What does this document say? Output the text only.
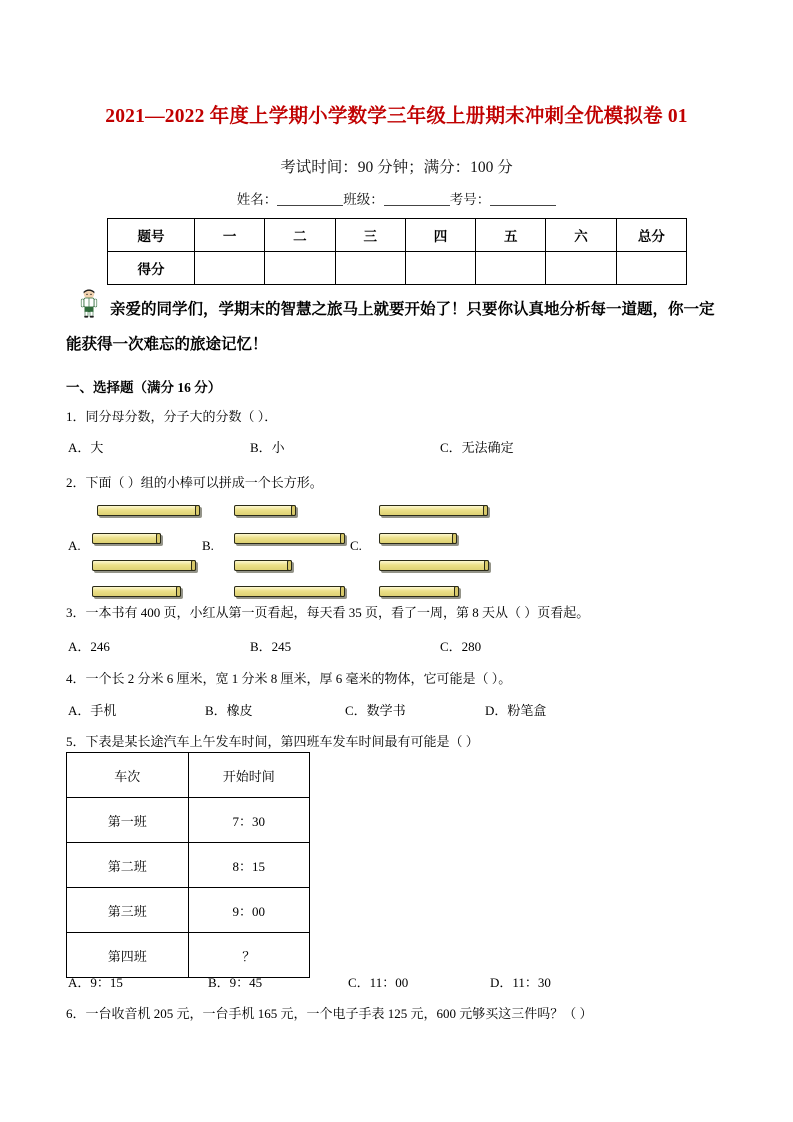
2021—2022 年度上学期小学数学三年级上册期末冲刺全优模拟卷 01
考试时间：90 分钟；满分：100 分
姓名：	班级：	考号：
题号	一	二	三	四	五	六	总分
得分							
亲爱的同学们，学期末的智慧之旅马上就要开始了！只要你认真地分析每一道题，你一定能获得一次难忘的旅途记忆！
一、选择题（满分 16 分）
1．同分母分数，分子大的分数（ ）．
A．大	B．小	C．无法确定
2．下面（ ）组的小棒可以拼成一个长方形。
A.	B.	C.
3．一本书有 400 页，小红从第一页看起，每天看 35 页，看了一周，第 8 天从（ ）页看起。
A．246	B．245	C．280
4．一个长 2 分米 6 厘米，宽 1 分米 8 厘米，厚 6 毫米的物体，它可能是（ ）。
A．手机	B．橡皮	C．数学书	D．粉笔盒
5．下表是某长途汽车上午发车时间，第四班车发车时间最有可能是（ ）
车次	开始时间
第一班	7：30
第二班	8：15
第三班	9：00
第四班	？
A．9：15	B．9：45	C．11：00	D．11：30
6．一台收音机 205 元，一台手机 165 元，一个电子手表 125 元，600 元够买这三件吗？（ ）
